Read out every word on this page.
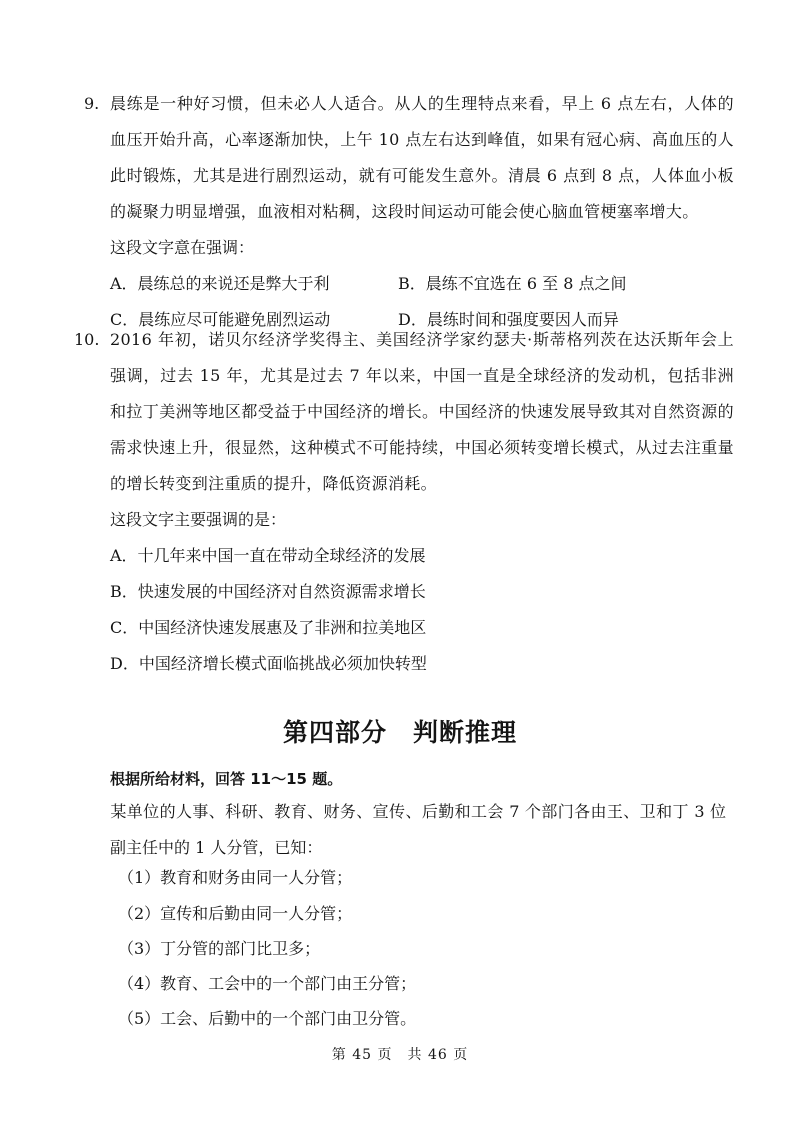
9. 晨练是一种好习惯，但未必人人适合。从人的生理特点来看，早上 6 点左右，人体的血压开始升高，心率逐渐加快，上午 10 点左右达到峰值，如果有冠心病、高血压的人此时锻炼，尤其是进行剧烈运动，就有可能发生意外。清晨 6 点到 8 点，人体血小板的凝聚力明显增强，血液相对粘稠，这段时间运动可能会使心脑血管梗塞率增大。
这段文字意在强调：
A．晨练总的来说还是弊大于利	B．晨练不宜选在 6 至 8 点之间
C．晨练应尽可能避免剧烈运动	D．晨练时间和强度要因人而异
10. 2016 年初，诺贝尔经济学奖得主、美国经济学家约瑟夫·斯蒂格列茨在达沃斯年会上强调，过去 15 年，尤其是过去 7 年以来，中国一直是全球经济的发动机，包括非洲和拉丁美洲等地区都受益于中国经济的增长。中国经济的快速发展导致其对自然资源的需求快速上升，很显然，这种模式不可能持续，中国必须转变增长模式，从过去注重量的增长转变到注重质的提升，降低资源消耗。
这段文字主要强调的是：
A．十几年来中国一直在带动全球经济的发展
B．快速发展的中国经济对自然资源需求增长
C．中国经济快速发展惠及了非洲和拉美地区
D．中国经济增长模式面临挑战必须加快转型
第四部分　判断推理
根据所给材料，回答 11～15 题。
某单位的人事、科研、教育、财务、宣传、后勤和工会 7 个部门各由王、卫和丁 3 位副主任中的 1 人分管，已知：
（1）教育和财务由同一人分管；
（2）宣传和后勤由同一人分管；
（3）丁分管的部门比卫多；
（4）教育、工会中的一个部门由王分管；
（5）工会、后勤中的一个部门由卫分管。
第 45 页　共 46 页
